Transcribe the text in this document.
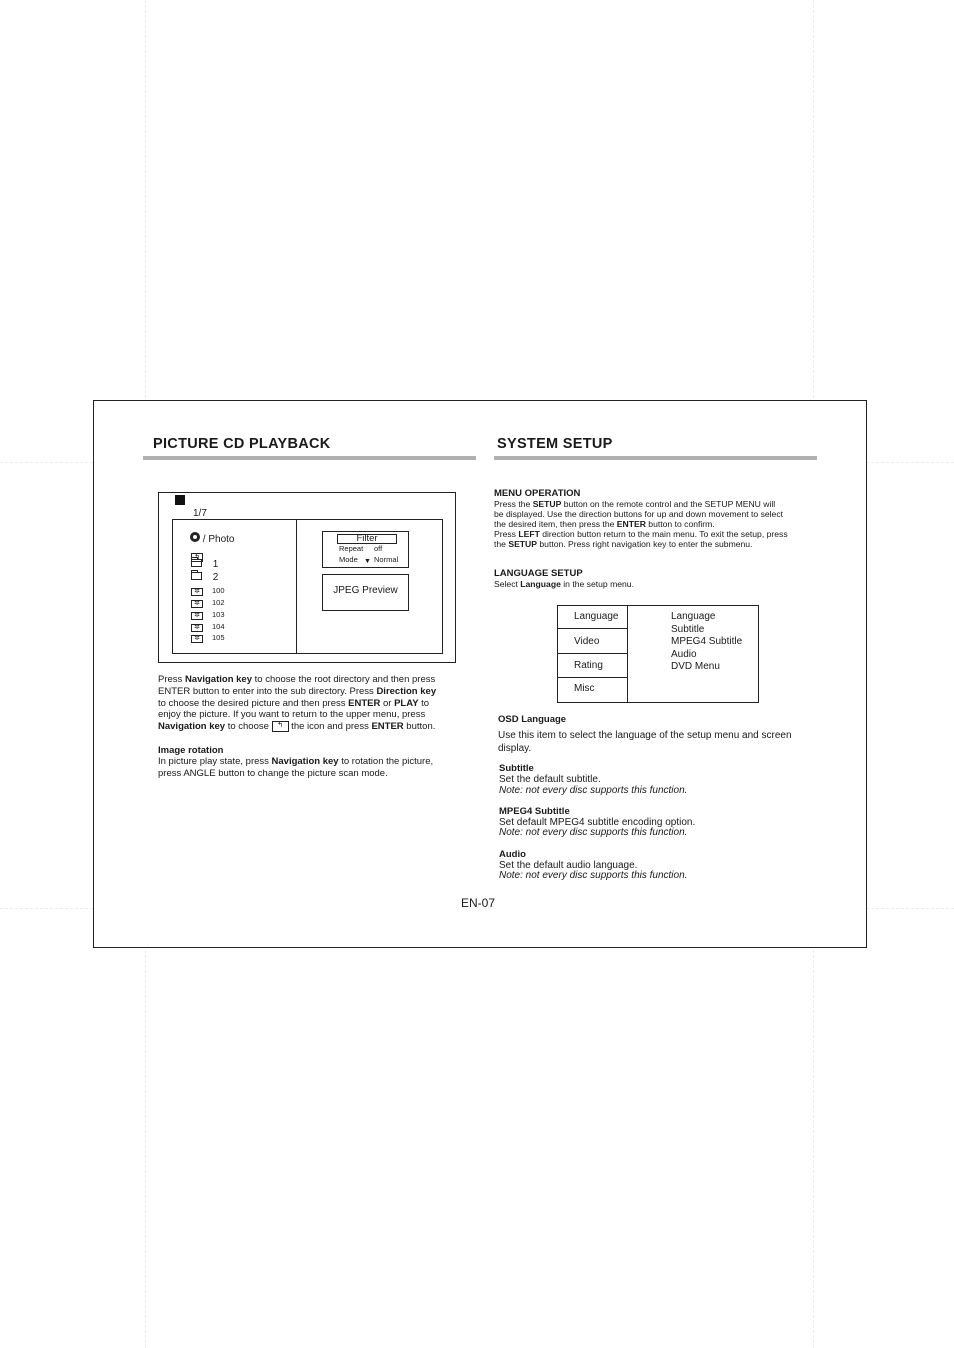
PICTURE CD PLAYBACK
1/7
/ Photo
↰
1
2
✲ 100
✲ 102
✲ 103
✲ 104
✲ 105
Filter
Repeat off
Mode ▼ Normal
JPEG Preview
Press Navigation key to choose the root directory and then press
ENTER button to enter into the sub directory. Press Direction key
to choose the desired picture and then press ENTER or PLAY to
enjoy the picture. If you want to return to the upper menu, press
Navigation key to choose ↰ the icon and press ENTER button.
Image rotation
In picture play state, press Navigation key to rotation the picture,
press ANGLE button to change the picture scan mode.
SYSTEM SETUP
MENU OPERATION
Press the SETUP button on the remote control and the SETUP MENU will
be displayed. Use the direction buttons for up and down movement to select
the desired item, then press the ENTER button to confirm.
Press LEFT direction button return to the main menu. To exit the setup, press
the SETUP button. Press right navigation key to enter the submenu.
LANGUAGE SETUP
Select Language in the setup menu.
Language
Video
Rating
Misc
Language
Subtitle
MPEG4 Subtitle
Audio
DVD Menu
OSD Language
Use this item to select the language of the setup menu and screen
display.
Subtitle
Set the default subtitle.
Note: not every disc supports this function.
MPEG4 Subtitle
Set default MPEG4 subtitle encoding option.
Note: not every disc supports this function.
Audio
Set the default audio language.
Note: not every disc supports this function.
EN-07
